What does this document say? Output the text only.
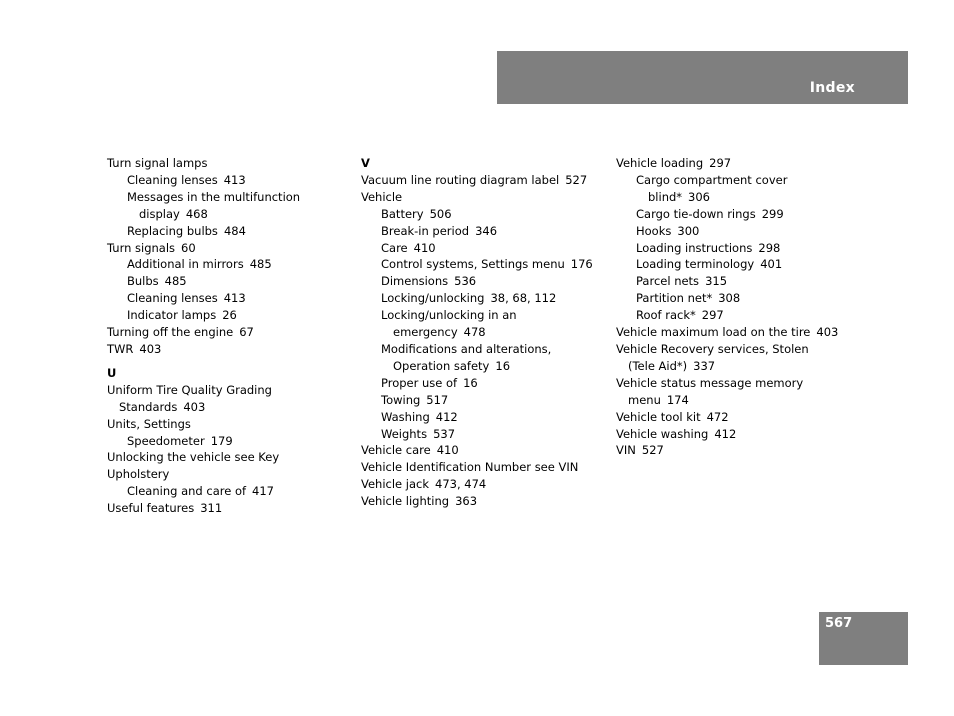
Index
Turn signal lamps
Cleaning lenses 413
Messages in the multifunction
display 468
Replacing bulbs 484
Turn signals 60
Additional in mirrors 485
Bulbs 485
Cleaning lenses 413
Indicator lamps 26
Turning off the engine 67
TWR 403
U
Uniform Tire Quality Grading
Standards 403
Units, Settings
Speedometer 179
Unlocking the vehicle see Key
Upholstery
Cleaning and care of 417
Useful features 311
V
Vacuum line routing diagram label 527
Vehicle
Battery 506
Break-in period 346
Care 410
Control systems, Settings menu 176
Dimensions 536
Locking/unlocking 38, 68, 112
Locking/unlocking in an
emergency 478
Modifications and alterations,
Operation safety 16
Proper use of 16
Towing 517
Washing 412
Weights 537
Vehicle care 410
Vehicle Identification Number see VIN
Vehicle jack 473, 474
Vehicle lighting 363
Vehicle loading 297
Cargo compartment cover
blind* 306
Cargo tie-down rings 299
Hooks 300
Loading instructions 298
Loading terminology 401
Parcel nets 315
Partition net* 308
Roof rack* 297
Vehicle maximum load on the tire 403
Vehicle Recovery services, Stolen
(Tele Aid*) 337
Vehicle status message memory
menu 174
Vehicle tool kit 472
Vehicle washing 412
VIN 527
567
